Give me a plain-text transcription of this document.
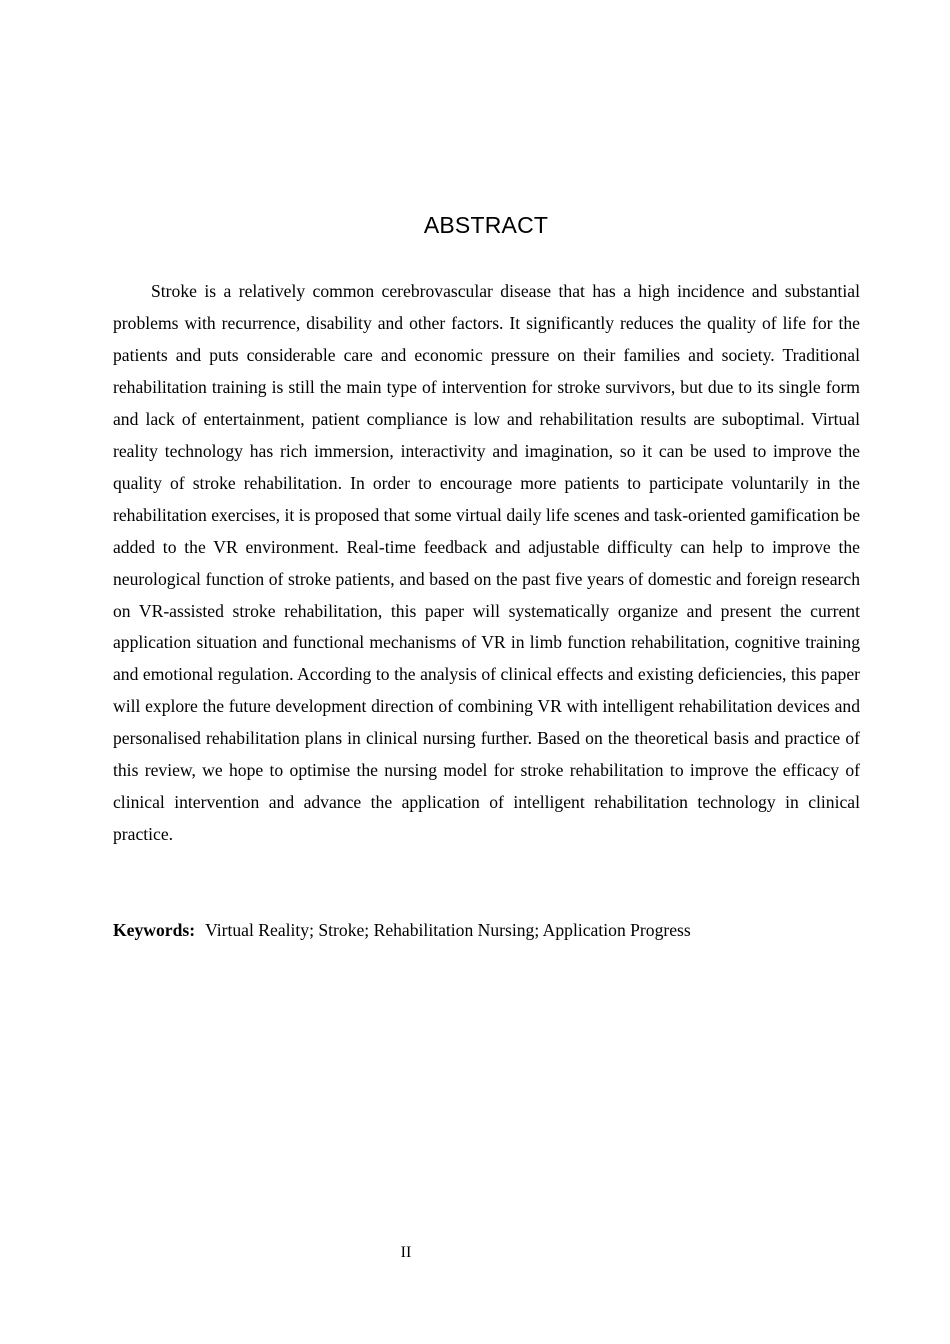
ABSTRACT

Stroke is a relatively common cerebrovascular disease that has a high incidence and substantial problems with recurrence, disability and other factors. It significantly reduces the quality of life for the patients and puts considerable care and economic pressure on their families and society. Traditional rehabilitation training is still the main type of intervention for stroke survivors, but due to its single form and lack of entertainment, patient compliance is low and rehabilitation results are suboptimal. Virtual reality technology has rich immersion, interactivity and imagination, so it can be used to improve the quality of stroke rehabilitation. In order to encourage more patients to participate voluntarily in the rehabilitation exercises, it is proposed that some virtual daily life scenes and task-oriented gamification be added to the VR environment. Real-time feedback and adjustable difficulty can help to improve the neurological function of stroke patients, and based on the past five years of domestic and foreign research on VR-assisted stroke rehabilitation, this paper will systematically organize and present the current application situation and functional mechanisms of VR in limb function rehabilitation, cognitive training and emotional regulation. According to the analysis of clinical effects and existing deficiencies, this paper will explore the future development direction of combining VR with intelligent rehabilitation devices and personalised rehabilitation plans in clinical nursing further. Based on the theoretical basis and practice of this review, we hope to optimise the nursing model for stroke rehabilitation to improve the efficacy of clinical intervention and advance the application of intelligent rehabilitation technology in clinical practice.

Keywords: Virtual Reality; Stroke; Rehabilitation Nursing; Application Progress

II
